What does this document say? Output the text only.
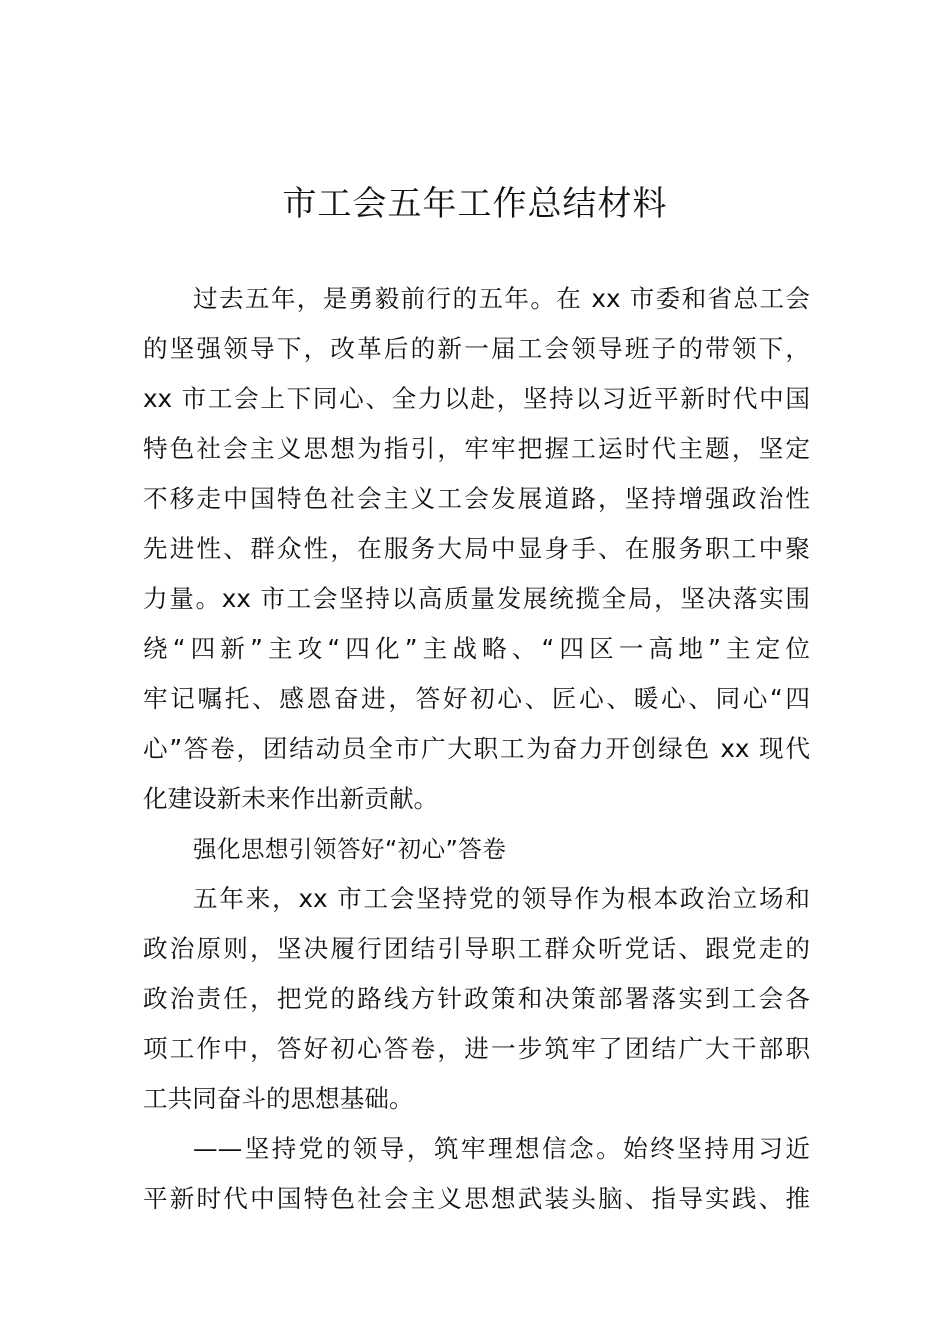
市工会五年工作总结材料
过去五年，是勇毅前行的五年。在 xx 市委和省总工会
的坚强领导下，改革后的新一届工会领导班子的带领下，
xx 市工会上下同心、全力以赴，坚持以习近平新时代中国
特色社会主义思想为指引，牢牢把握工运时代主题，坚定
不移走中国特色社会主义工会发展道路，坚持增强政治性
先进性、群众性，在服务大局中显身手、在服务职工中聚
力量。xx 市工会坚持以高质量发展统揽全局，坚决落实围
绕“四新”主攻“四化”主战略、“四区一高地”主定位
牢记嘱托、感恩奋进，答好初心、匠心、暖心、同心“四
心”答卷，团结动员全市广大职工为奋力开创绿色 xx 现代
化建设新未来作出新贡献。
强化思想引领答好“初心”答卷
五年来，xx 市工会坚持党的领导作为根本政治立场和
政治原则，坚决履行团结引导职工群众听党话、跟党走的
政治责任，把党的路线方针政策和决策部署落实到工会各
项工作中，答好初心答卷，进一步筑牢了团结广大干部职
工共同奋斗的思想基础。
——坚持党的领导，筑牢理想信念。始终坚持用习近
平新时代中国特色社会主义思想武装头脑、指导实践、推
